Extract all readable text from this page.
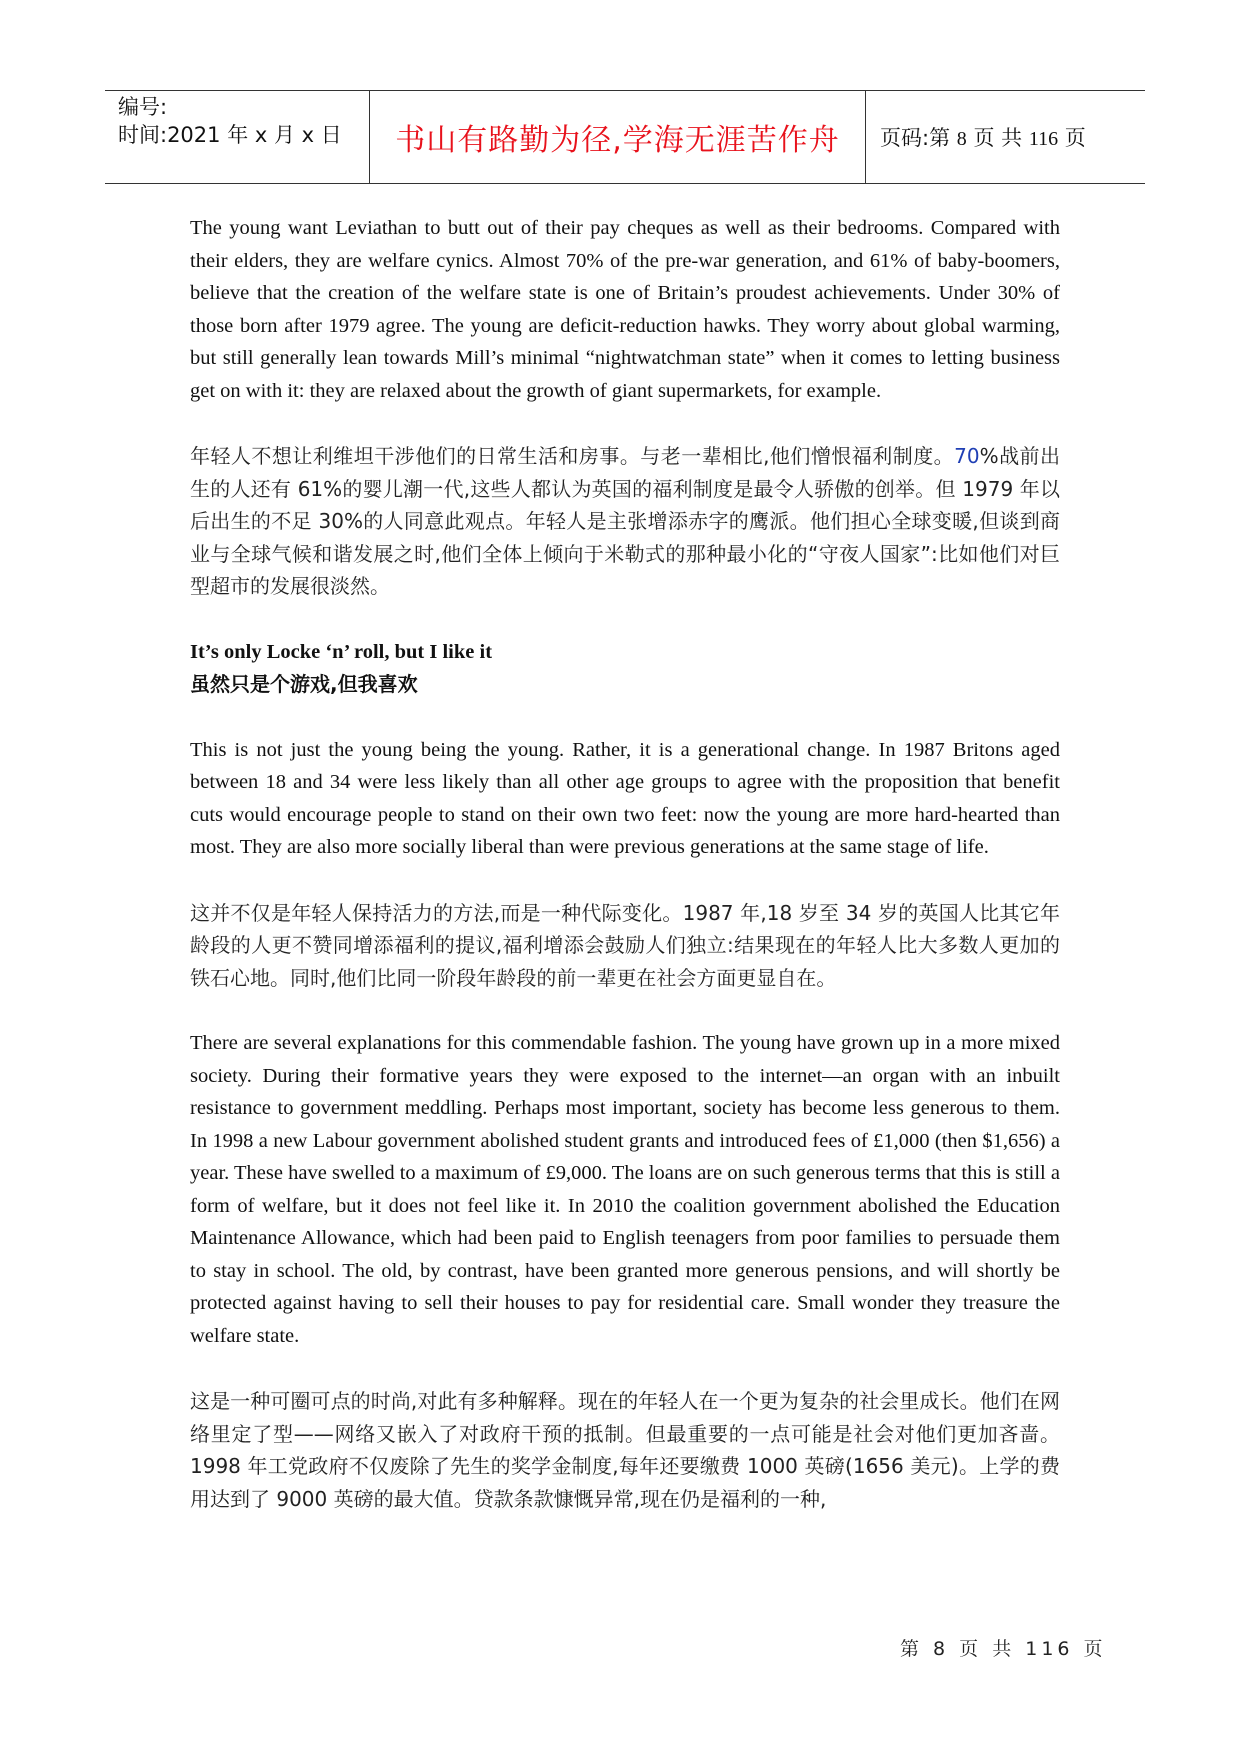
编号:
时间:2021 年 x 月 x 日	书山有路勤为径,学海无涯苦作舟 页码:第 8 页 共 116 页

The young want Leviathan to butt out of their pay cheques as well as their bedrooms. Compared with their elders, they are welfare cynics. Almost 70% of the pre-war generation, and 61% of baby-boomers, believe that the creation of the welfare state is one of Britain’s proudest achievements. Under 30% of those born after 1979 agree. The young are deficit-reduction hawks. They worry about global warming, but still generally lean towards Mill’s minimal “nightwatchman state” when it comes to letting business get on with it: they are relaxed about the growth of giant supermarkets, for example.

年轻人不想让利维坦干涉他们的日常生活和房事。与老一辈相比,他们憎恨福利制度。70%战前出生的人还有 61%的婴儿潮一代,这些人都认为英国的福利制度是最令人骄傲的创举。但 1979 年以后出生的不足 30%的人同意此观点。年轻人是主张增添赤字的鹰派。他们担心全球变暖,但谈到商业与全球气候和谐发展之时,他们全体上倾向于米勒式的那种最小化的“守夜人国家”:比如他们对巨型超市的发展很淡然。

It’s only Locke ‘n’ roll, but I like it
虽然只是个游戏,但我喜欢

This is not just the young being the young. Rather, it is a generational change. In 1987 Britons aged between 18 and 34 were less likely than all other age groups to agree with the proposition that benefit cuts would encourage people to stand on their own two feet: now the young are more hard-hearted than most. They are also more socially liberal than were previous generations at the same stage of life.

这并不仅是年轻人保持活力的方法,而是一种代际变化。1987 年,18 岁至 34 岁的英国人比其它年龄段的人更不赞同增添福利的提议,福利增添会鼓励人们独立:结果现在的年轻人比大多数人更加的铁石心地。同时,他们比同一阶段年龄段的前一辈更在社会方面更显自在。

There are several explanations for this commendable fashion. The young have grown up in a more mixed society. During their formative years they were exposed to the internet—an organ with an inbuilt resistance to government meddling. Perhaps most important, society has become less generous to them. In 1998 a new Labour government abolished student grants and introduced fees of £1,000 (then $1,656) a year. These have swelled to a maximum of £9,000. The loans are on such generous terms that this is still a form of welfare, but it does not feel like it. In 2010 the coalition government abolished the Education Maintenance Allowance, which had been paid to English teenagers from poor families to persuade them to stay in school. The old, by contrast, have been granted more generous pensions, and will shortly be protected against having to sell their houses to pay for residential care. Small wonder they treasure the welfare state.

这是一种可圈可点的时尚,对此有多种解释。现在的年轻人在一个更为复杂的社会里成长。他们在网络里定了型——网络又嵌入了对政府干预的抵制。但最重要的一点可能是社会对他们更加吝啬。1998 年工党政府不仅废除了先生的奖学金制度,每年还要缴费 1000 英磅(1656 美元)。上学的费用达到了 9000 英磅的最大值。贷款条款慷慨异常,现在仍是福利的一种,

第 8 页 共 116 页
